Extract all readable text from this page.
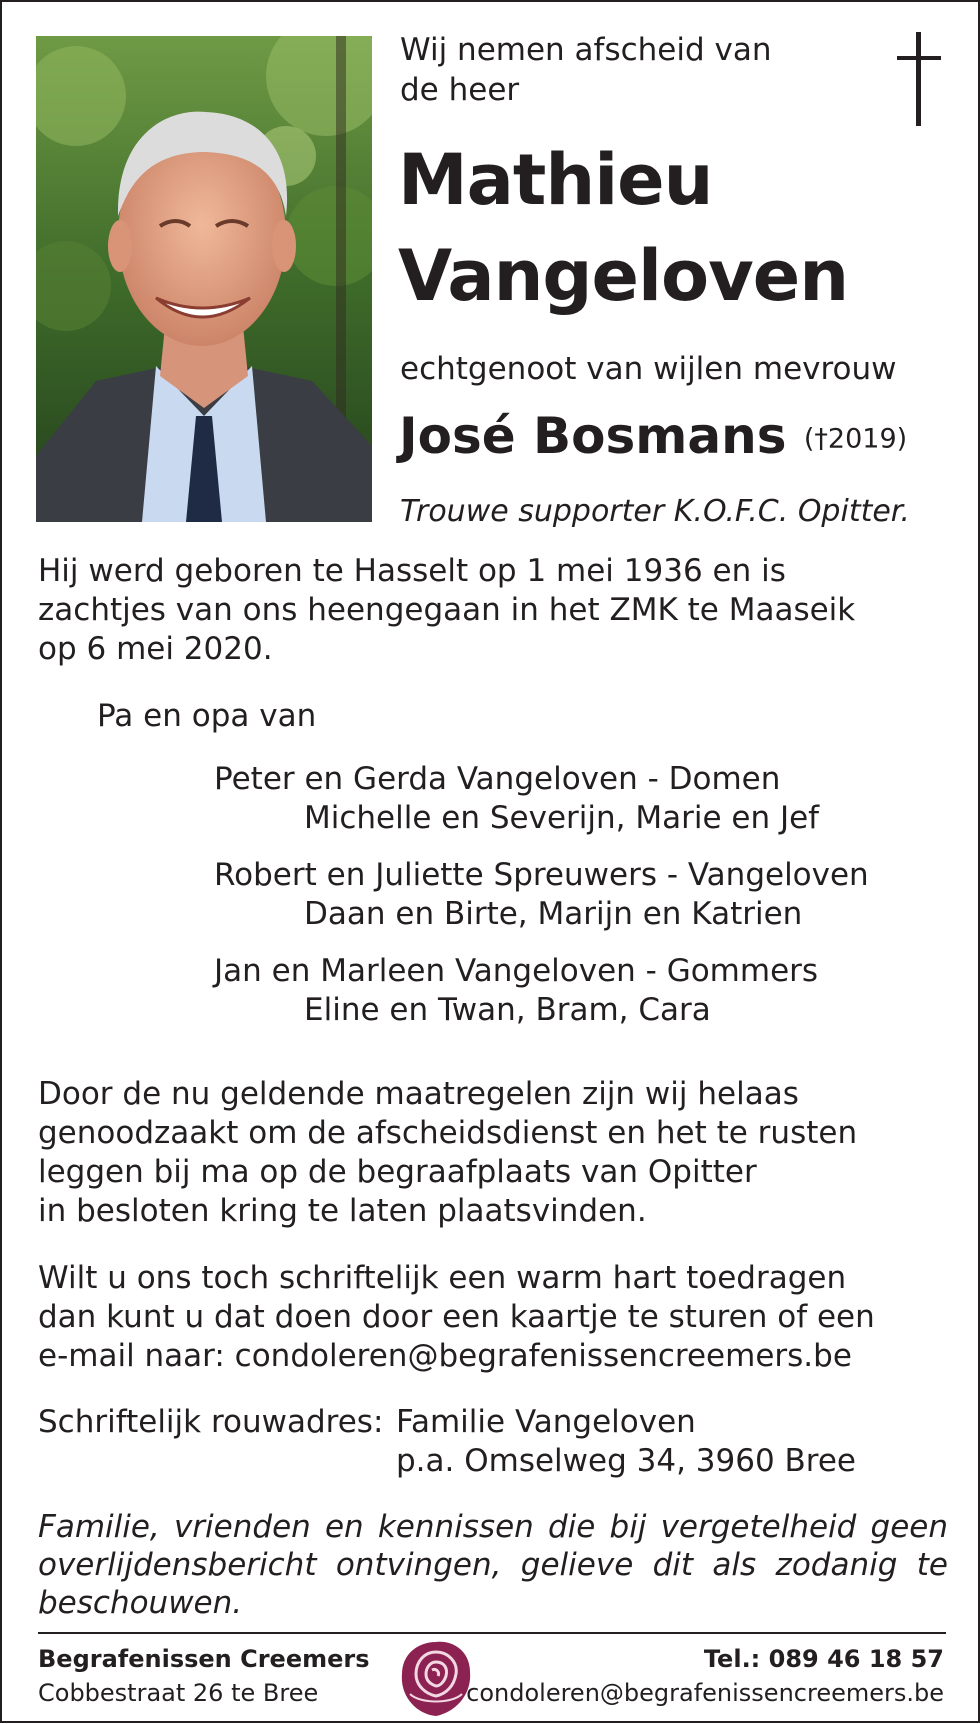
Wij nemen afscheid van
de heer
Mathieu
Vangeloven
echtgenoot van wijlen mevrouw
José Bosmans (†2019)
Trouwe supporter K.O.F.C. Opitter.
Hij werd geboren te Hasselt op 1 mei 1936 en is
zachtjes van ons heengegaan in het ZMK te Maaseik
op 6 mei 2020.
Pa en opa van
Peter en Gerda Vangeloven - Domen
Michelle en Severijn, Marie en Jef
Robert en Juliette Spreuwers - Vangeloven
Daan en Birte, Marijn en Katrien
Jan en Marleen Vangeloven - Gommers
Eline en Twan, Bram, Cara
Door de nu geldende maatregelen zijn wij helaas
genoodzaakt om de afscheidsdienst en het te rusten
leggen bij ma op de begraafplaats van Opitter
in besloten kring te laten plaatsvinden.
Wilt u ons toch schriftelijk een warm hart toedragen
dan kunt u dat doen door een kaartje te sturen of een
e-mail naar: condoleren@begrafenissencreemers.be
Schriftelijk rouwadres: Familie Vangeloven
p.a. Omselweg 34, 3960 Bree
Familie, vrienden en kennissen die bij vergetelheid geen overlijdensbericht ontvingen, gelieve dit als zodanig te beschouwen.
Begrafenissen Creemers
Cobbestraat 26 te Bree
Tel.: 089 46 18 57
condoleren@begrafenissencreemers.be
